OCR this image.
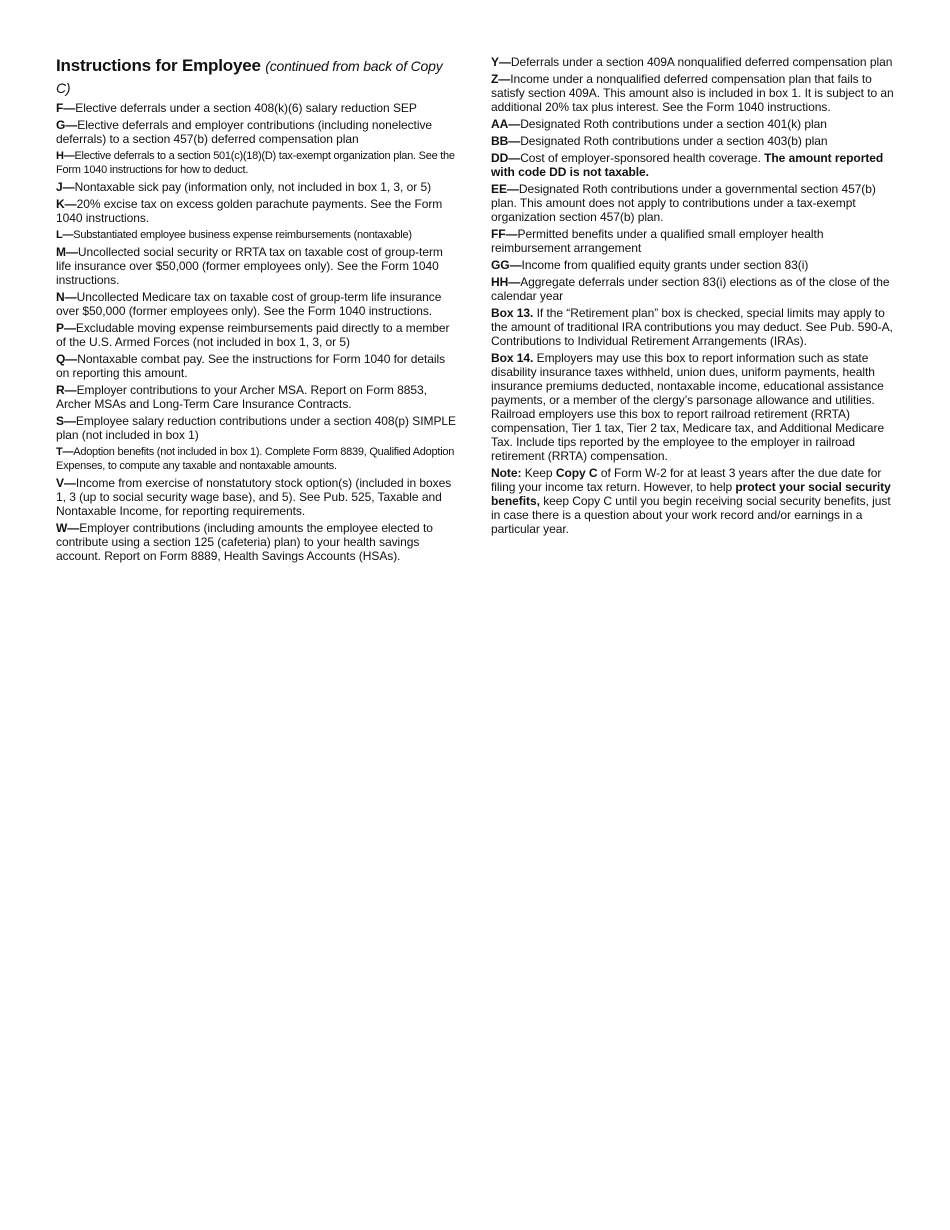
Instructions for Employee (continued from back of Copy C)

F—Elective deferrals under a section 408(k)(6) salary reduction SEP

G—Elective deferrals and employer contributions (including nonelective deferrals) to a section 457(b) deferred compensation plan

H—Elective deferrals to a section 501(c)(18)(D) tax-exempt organization plan. See the Form 1040 instructions for how to deduct.

J—Nontaxable sick pay (information only, not included in box 1, 3, or 5)

K—20% excise tax on excess golden parachute payments. See the Form 1040 instructions.

L—Substantiated employee business expense reimbursements (nontaxable)

M—Uncollected social security or RRTA tax on taxable cost of group-term life insurance over $50,000 (former employees only). See the Form 1040 instructions.

N—Uncollected Medicare tax on taxable cost of group-term life insurance over $50,000 (former employees only). See the Form 1040 instructions.

P—Excludable moving expense reimbursements paid directly to a member of the U.S. Armed Forces (not included in box 1, 3, or 5)

Q—Nontaxable combat pay. See the instructions for Form 1040 for details on reporting this amount.

R—Employer contributions to your Archer MSA. Report on Form 8853, Archer MSAs and Long-Term Care Insurance Contracts.

S—Employee salary reduction contributions under a section 408(p) SIMPLE plan (not included in box 1)

T—Adoption benefits (not included in box 1). Complete Form 8839, Qualified Adoption Expenses, to compute any taxable and nontaxable amounts.

V—Income from exercise of nonstatutory stock option(s) (included in boxes 1, 3 (up to social security wage base), and 5). See Pub. 525, Taxable and Nontaxable Income, for reporting requirements.

W—Employer contributions (including amounts the employee elected to contribute using a section 125 (cafeteria) plan) to your health savings account. Report on Form 8889, Health Savings Accounts (HSAs).

Y—Deferrals under a section 409A nonqualified deferred compensation plan

Z—Income under a nonqualified deferred compensation plan that fails to satisfy section 409A. This amount also is included in box 1. It is subject to an additional 20% tax plus interest. See the Form 1040 instructions.

AA—Designated Roth contributions under a section 401(k) plan

BB—Designated Roth contributions under a section 403(b) plan

DD—Cost of employer-sponsored health coverage. The amount reported with code DD is not taxable.

EE—Designated Roth contributions under a governmental section 457(b) plan. This amount does not apply to contributions under a tax-exempt organization section 457(b) plan.

FF—Permitted benefits under a qualified small employer health reimbursement arrangement

GG—Income from qualified equity grants under section 83(i)

HH—Aggregate deferrals under section 83(i) elections as of the close of the calendar year

Box 13. If the “Retirement plan” box is checked, special limits may apply to the amount of traditional IRA contributions you may deduct. See Pub. 590-A, Contributions to Individual Retirement Arrangements (IRAs).

Box 14. Employers may use this box to report information such as state disability insurance taxes withheld, union dues, uniform payments, health insurance premiums deducted, nontaxable income, educational assistance payments, or a member of the clergy’s parsonage allowance and utilities. Railroad employers use this box to report railroad retirement (RRTA) compensation, Tier 1 tax, Tier 2 tax, Medicare tax, and Additional Medicare Tax. Include tips reported by the employee to the employer in railroad retirement (RRTA) compensation.

Note: Keep Copy C of Form W-2 for at least 3 years after the due date for filing your income tax return. However, to help protect your social security benefits, keep Copy C until you begin receiving social security benefits, just in case there is a question about your work record and/or earnings in a particular year.
